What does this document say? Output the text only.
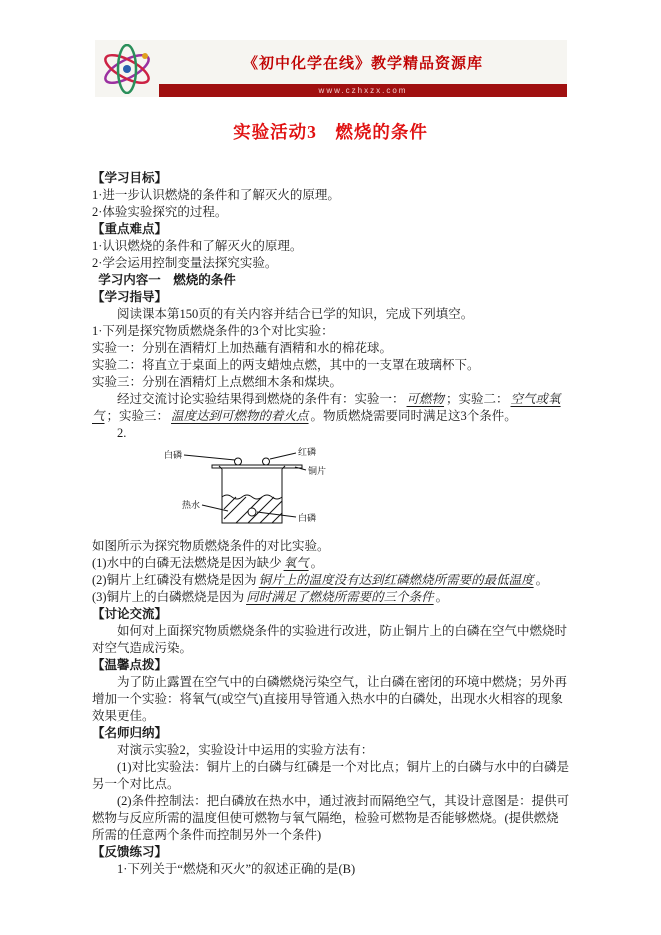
《初中化学在线》教学精品资源库
www.czhxzx.com
实验活动3　燃烧的条件

【学习目标】

1·进一步认识燃烧的条件和了解灭火的原理。

2·体验实验探究的过程。

【重点难点】

1·认识燃烧的条件和了解灭火的原理。

2·学会运用控制变量法探究实验。

学习内容一　燃烧的条件

【学习指导】

阅读课本第150页的有关内容并结合已学的知识，完成下列填空。

1·下列是探究物质燃烧条件的3个对比实验：

实验一：分别在酒精灯上加热蘸有酒精和水的棉花球。

实验二：将直立于桌面上的两支蜡烛点燃，其中的一支罩在玻璃杯下。

实验三：分别在酒精灯上点燃细木条和煤块。

经过交流讨论实验结果得到燃烧的条件有：实验一： 可燃物 ；实验二： 空气或氧气 ；实验三： 温度达到可燃物的着火点 。物质燃烧需要同时满足这3个条件。

2.

白磷	红磷
铜片
热水
白磷

如图所示为探究物质燃烧条件的对比实验。

(1)水中的白磷无法燃烧是因为缺少 氧气 。

(2)铜片上红磷没有燃烧是因为 铜片上的温度没有达到红磷燃烧所需要的最低温度 。

(3)铜片上的白磷燃烧是因为 同时满足了燃烧所需要的三个条件 。

【讨论交流】

如何对上面探究物质燃烧条件的实验进行改进，防止铜片上的白磷在空气中燃烧时对空气造成污染。

【温馨点拨】

为了防止露置在空气中的白磷燃烧污染空气，让白磷在密闭的环境中燃烧；另外再增加一个实验：将氧气(或空气)直接用导管通入热水中的白磷处，出现水火相容的现象效果更佳。

【名师归纳】

对演示实验2，实验设计中运用的实验方法有：

(1)对比实验法：铜片上的白磷与红磷是一个对比点；铜片上的白磷与水中的白磷是另一个对比点。

(2)条件控制法：把白磷放在热水中，通过液封而隔绝空气，其设计意图是：提供可燃物与反应所需的温度但使可燃物与氧气隔绝，检验可燃物是否能够燃烧。(提供燃烧所需的任意两个条件而控制另外一个条件)

【反馈练习】

1·下列关于“燃烧和灭火”的叙述正确的是(B)
